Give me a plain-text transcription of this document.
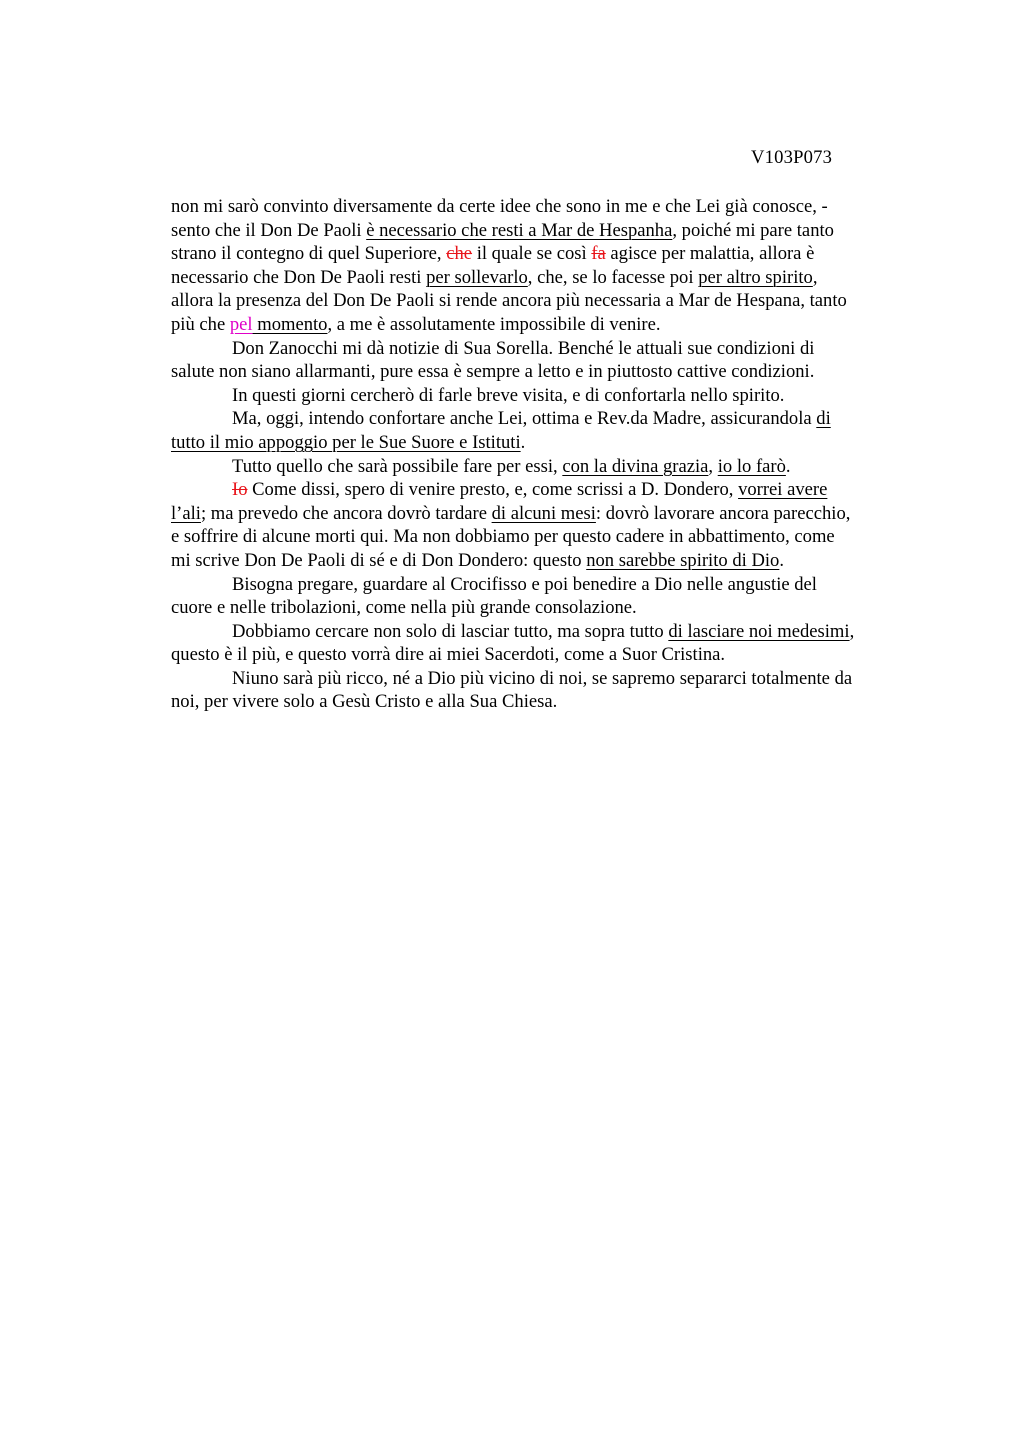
V103P073
non mi sarò convinto diversamente da certe idee che sono in me e che Lei già conosce, -
sento che il Don De Paoli è necessario che resti a Mar de Hespanha, poiché mi pare tanto
strano il contegno di quel Superiore, che il quale se così fa agisce per malattia, allora è
necessario che Don De Paoli resti per sollevarlo, che, se lo facesse poi per altro spirito,
allora la presenza del Don De Paoli si rende ancora più necessaria a Mar de Hespana, tanto
più che pel momento, a me è assolutamente impossibile di venire.
Don Zanocchi mi dà notizie di Sua Sorella. Benché le attuali sue condizioni di
salute non siano allarmanti, pure essa è sempre a letto e in piuttosto cattive condizioni.
In questi giorni cercherò di farle breve visita, e di confortarla nello spirito.
Ma, oggi, intendo confortare anche Lei, ottima e Rev.da Madre, assicurandola di
tutto il mio appoggio per le Sue Suore e Istituti.
Tutto quello che sarà possibile fare per essi, con la divina grazia, io lo farò.
Io Come dissi, spero di venire presto, e, come scrissi a D. Dondero, vorrei avere
l’ali; ma prevedo che ancora dovrò tardare di alcuni mesi: dovrò lavorare ancora parecchio,
e soffrire di alcune morti qui. Ma non dobbiamo per questo cadere in abbattimento, come
mi scrive Don De Paoli di sé e di Don Dondero: questo non sarebbe spirito di Dio.
Bisogna pregare, guardare al Crocifisso e poi benedire a Dio nelle angustie del
cuore e nelle tribolazioni, come nella più grande consolazione.
Dobbiamo cercare non solo di lasciar tutto, ma sopra tutto di lasciare noi medesimi,
questo è il più, e questo vorrà dire ai miei Sacerdoti, come a Suor Cristina.
Niuno sarà più ricco, né a Dio più vicino di noi, se sapremo separarci totalmente da
noi, per vivere solo a Gesù Cristo e alla Sua Chiesa.
